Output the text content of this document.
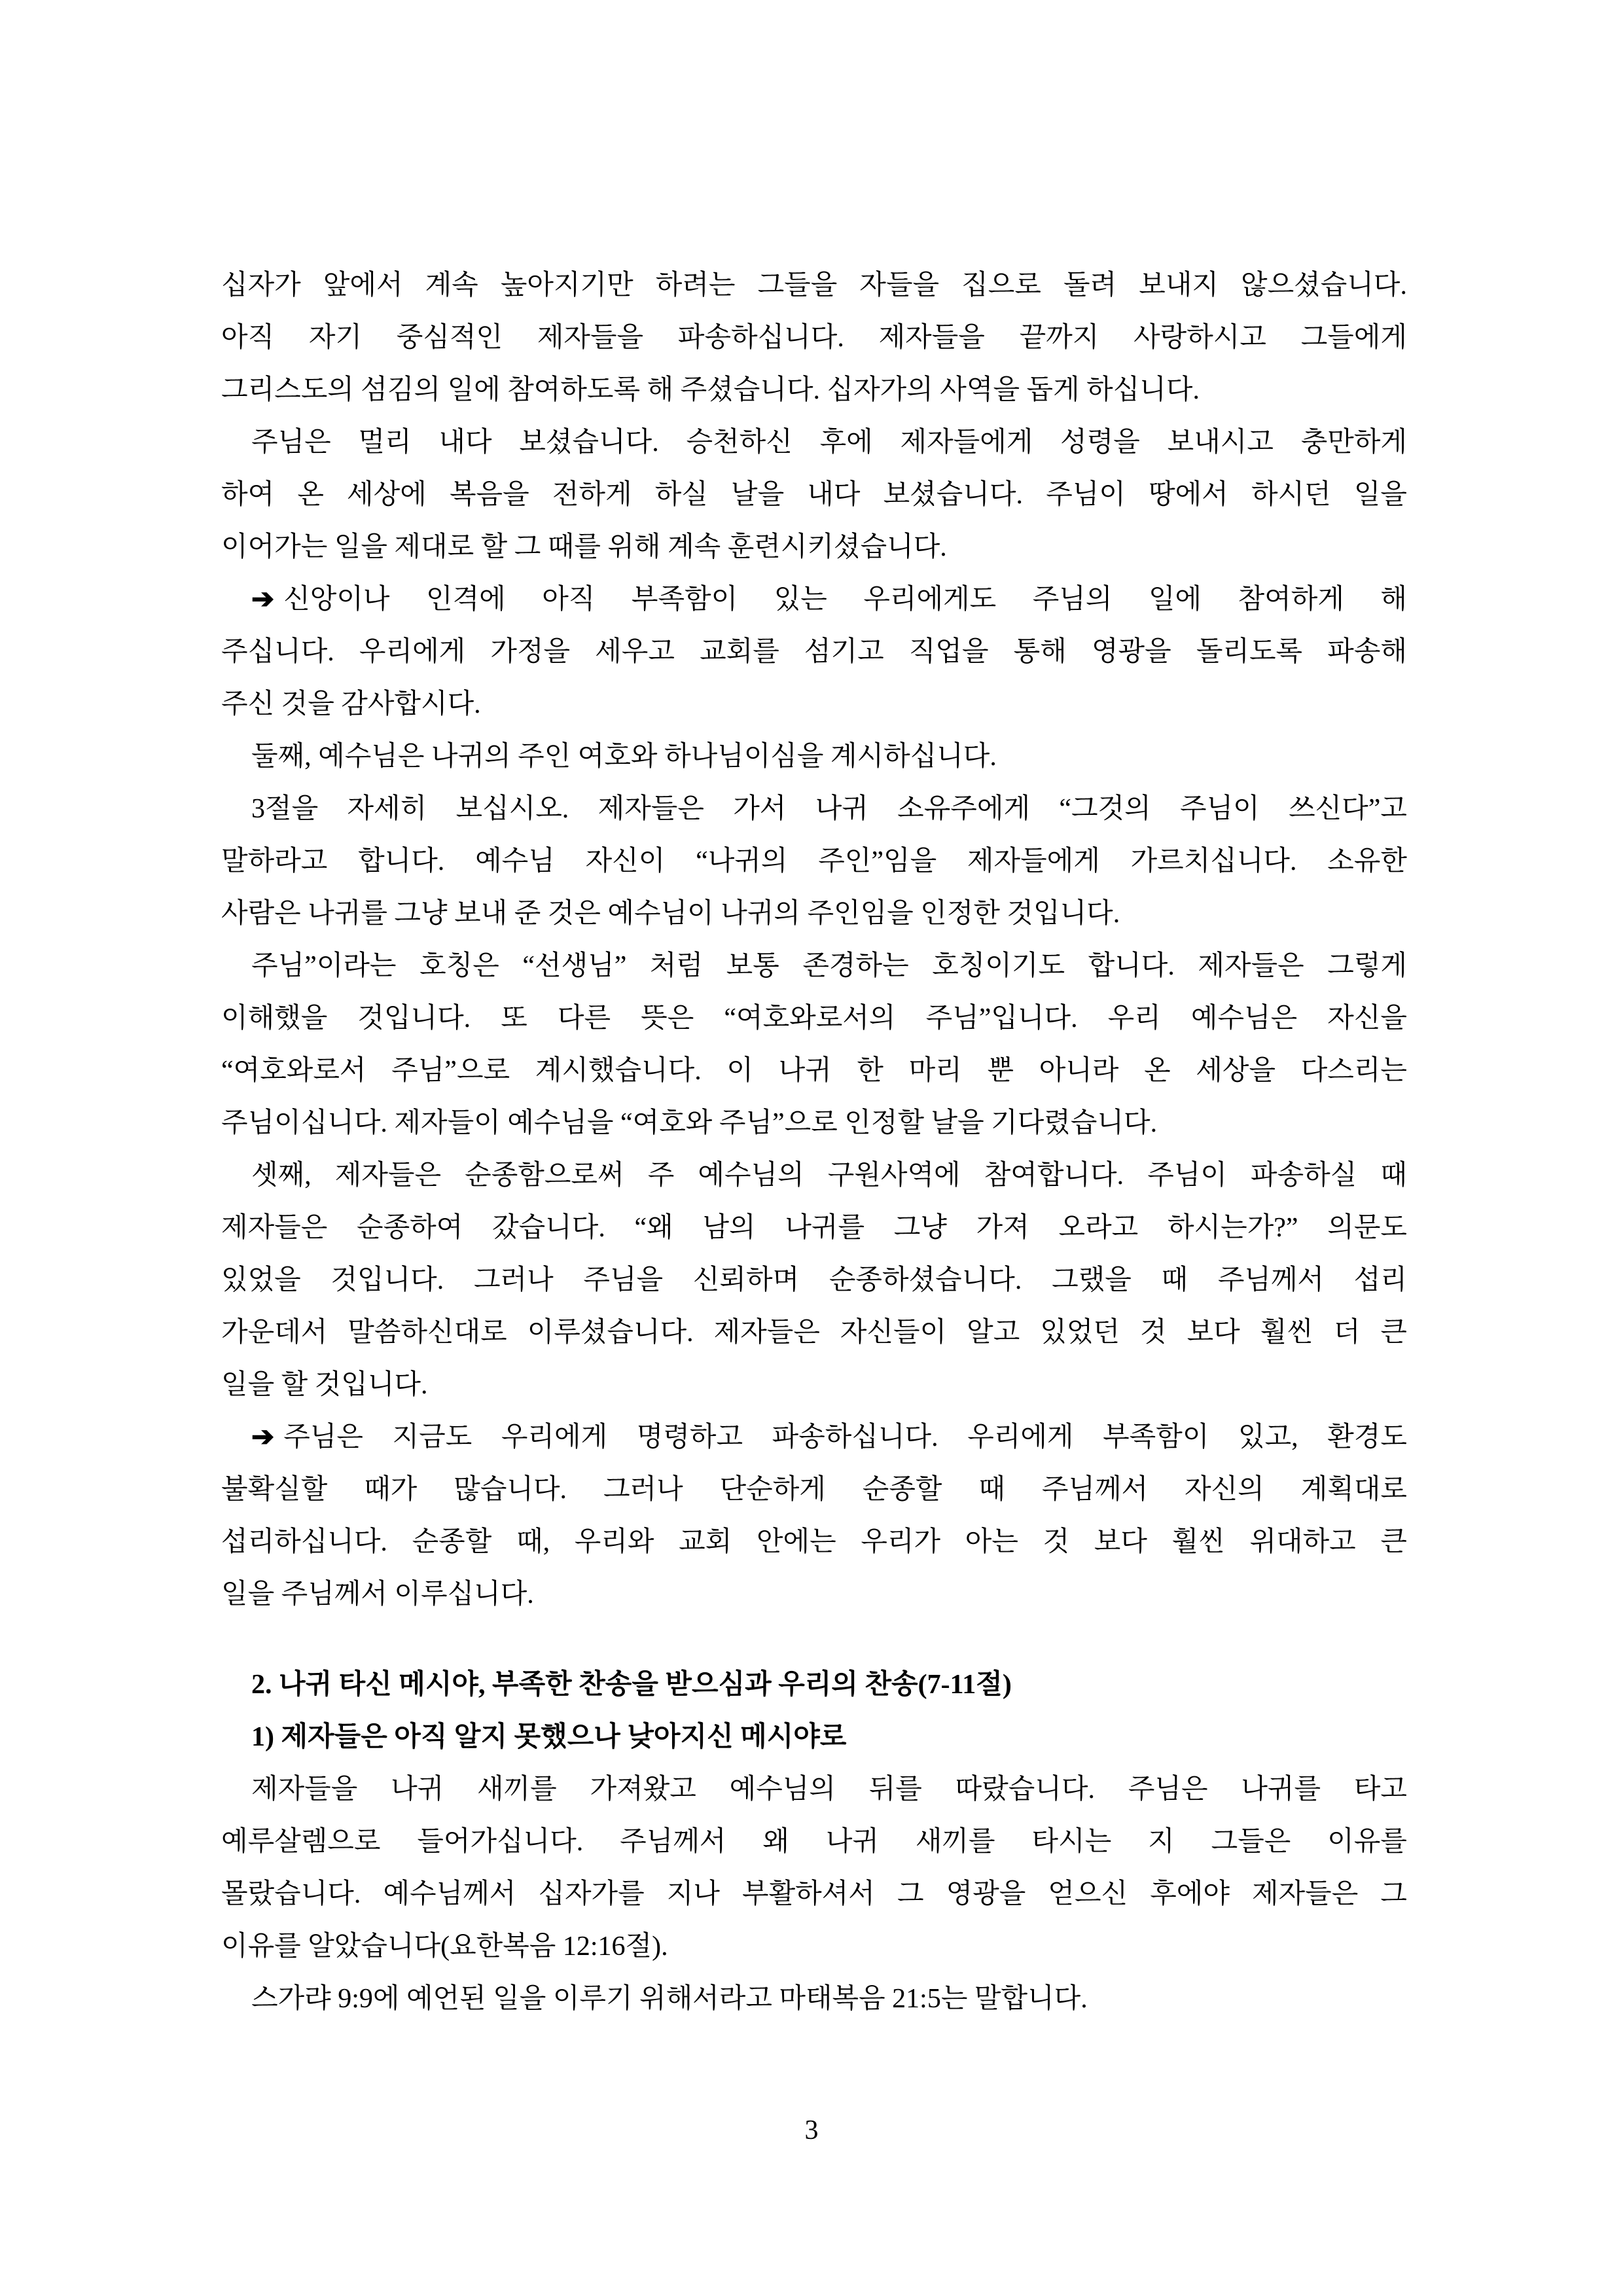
십자가 앞에서 계속 높아지기만 하려는 그들을 자들을 집으로 돌려 보내지 않으셨습니다.
아직 자기 중심적인 제자들을 파송하십니다. 제자들을 끝까지 사랑하시고 그들에게
그리스도의 섬김의 일에 참여하도록 해 주셨습니다. 십자가의 사역을 돕게 하십니다.
주님은 멀리 내다 보셨습니다. 승천하신 후에 제자들에게 성령을 보내시고 충만하게
하여 온 세상에 복음을 전하게 하실 날을 내다 보셨습니다. 주님이 땅에서 하시던 일을
이어가는 일을 제대로 할 그 때를 위해 계속 훈련시키셨습니다.
➔ 신앙이나 인격에 아직 부족함이 있는 우리에게도 주님의 일에 참여하게 해
주십니다. 우리에게 가정을 세우고 교회를 섬기고 직업을 통해 영광을 돌리도록 파송해
주신 것을 감사합시다.
둘째, 예수님은 나귀의 주인 여호와 하나님이심을 계시하십니다.
3절을 자세히 보십시오. 제자들은 가서 나귀 소유주에게 “그것의 주님이 쓰신다”고
말하라고 합니다. 예수님 자신이 “나귀의 주인”임을 제자들에게 가르치십니다. 소유한
사람은 나귀를 그냥 보내 준 것은 예수님이 나귀의 주인임을 인정한 것입니다.
주님”이라는 호칭은 “선생님” 처럼 보통 존경하는 호칭이기도 합니다. 제자들은 그렇게
이해했을 것입니다. 또 다른 뜻은 “여호와로서의 주님”입니다. 우리 예수님은 자신을
“여호와로서 주님”으로 계시했습니다. 이 나귀 한 마리 뿐 아니라 온 세상을 다스리는
주님이십니다. 제자들이 예수님을 “여호와 주님”으로 인정할 날을 기다렸습니다.
셋째, 제자들은 순종함으로써 주 예수님의 구원사역에 참여합니다. 주님이 파송하실 때
제자들은 순종하여 갔습니다. “왜 남의 나귀를 그냥 가져 오라고 하시는가?” 의문도
있었을 것입니다. 그러나 주님을 신뢰하며 순종하셨습니다. 그랬을 때 주님께서 섭리
가운데서 말씀하신대로 이루셨습니다. 제자들은 자신들이 알고 있었던 것 보다 훨씬 더 큰
일을 할 것입니다.
➔ 주님은 지금도 우리에게 명령하고 파송하십니다. 우리에게 부족함이 있고, 환경도
불확실할 때가 많습니다. 그러나 단순하게 순종할 때 주님께서 자신의 계획대로
섭리하십니다. 순종할 때, 우리와 교회 안에는 우리가 아는 것 보다 훨씬 위대하고 큰
일을 주님께서 이루십니다.
2. 나귀 타신 메시야, 부족한 찬송을 받으심과 우리의 찬송(7-11절)
1) 제자들은 아직 알지 못했으나 낮아지신 메시야로
제자들을 나귀 새끼를 가져왔고 예수님의 뒤를 따랐습니다. 주님은 나귀를 타고
예루살렘으로 들어가십니다. 주님께서 왜 나귀 새끼를 타시는 지 그들은 이유를
몰랐습니다. 예수님께서 십자가를 지나 부활하셔서 그 영광을 얻으신 후에야 제자들은 그
이유를 알았습니다(요한복음 12:16절).
스가랴 9:9에 예언된 일을 이루기 위해서라고 마태복음 21:5는 말합니다.
3
